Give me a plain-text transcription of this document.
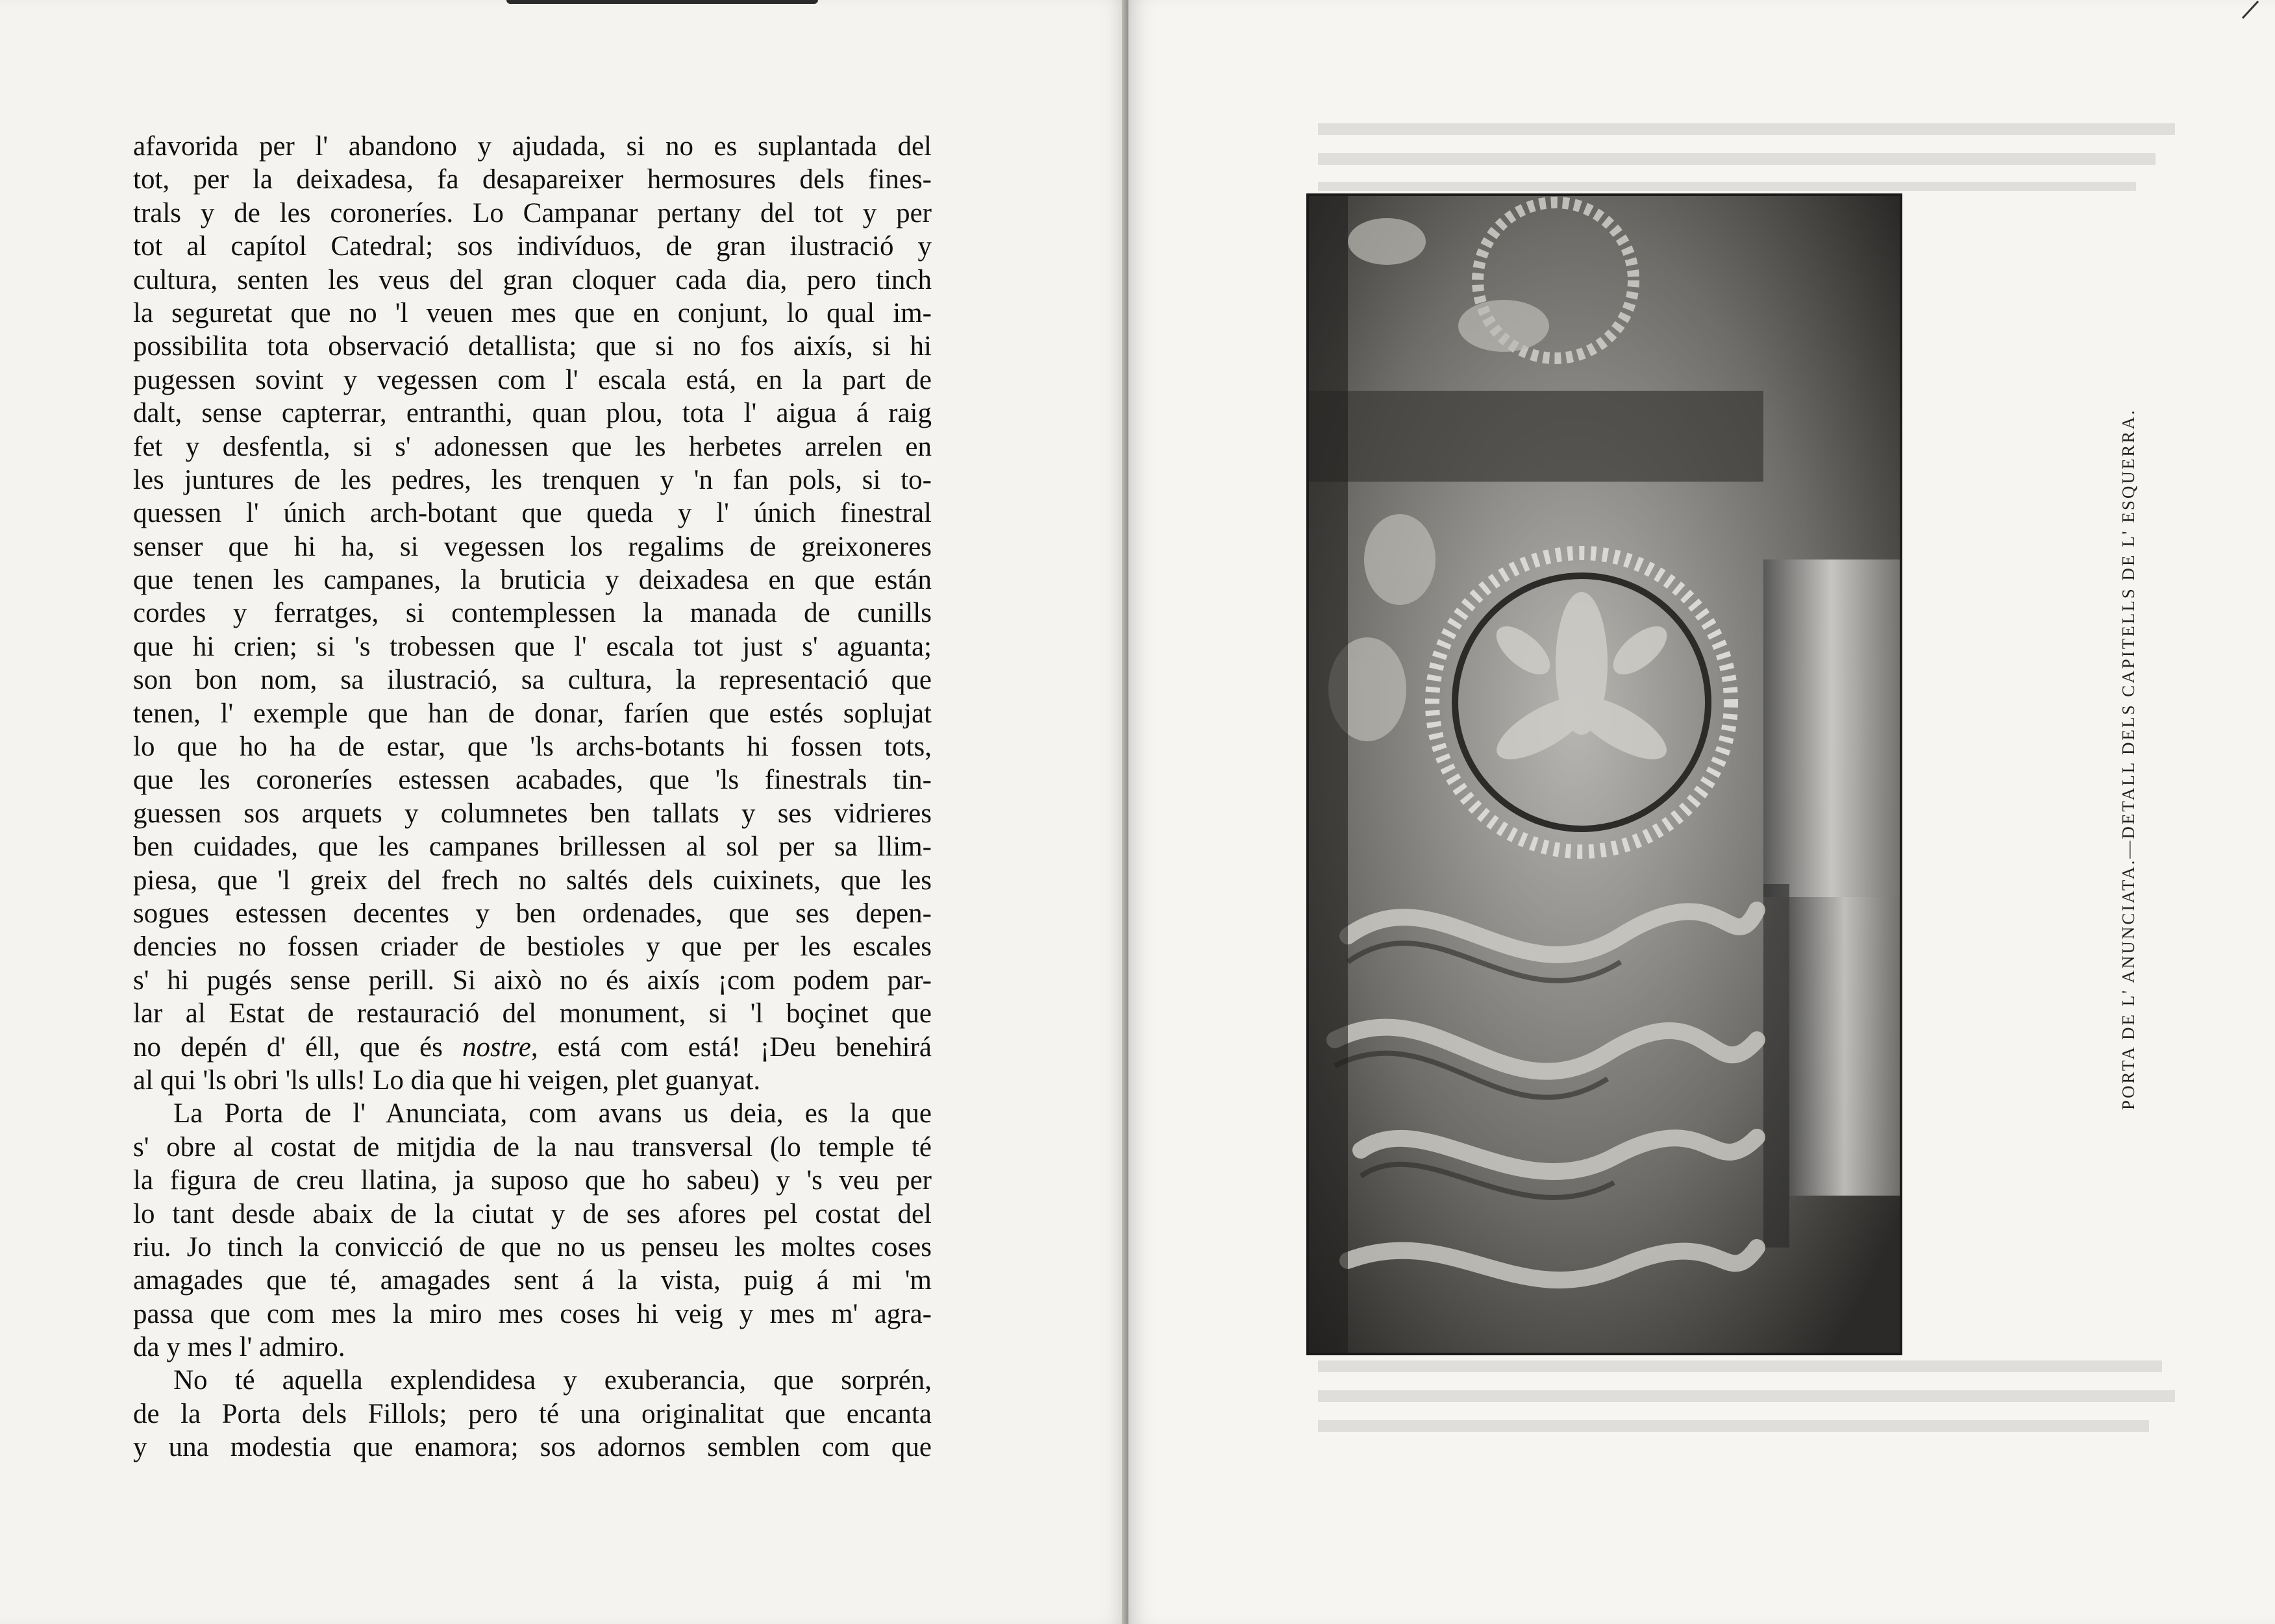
afavorida per l' abandono y ajudada, si no es suplantada del
tot, per la deixadesa, fa desapareixer hermosures dels fines-
trals y de les coroneríes. Lo Campanar pertany del tot y per
tot al capítol Catedral; sos indivíduos, de gran ilustració y
cultura, senten les veus del gran cloquer cada dia, pero tinch
la seguretat que no 'l veuen mes que en conjunt, lo qual im-
possibilita tota observació detallista; que si no fos aixís, si hi
pugessen sovint y vegessen com l' escala está, en la part de
dalt, sense capterrar, entranthi, quan plou, tota l' aigua á raig
fet y desfentla, si s' adonessen que les herbetes arrelen en
les juntures de les pedres, les trenquen y 'n fan pols, si to-
quessen l' únich arch-botant que queda y l' únich finestral
senser que hi ha, si vegessen los regalims de greixoneres
que tenen les campanes, la bruticia y deixadesa en que están
cordes y ferratges, si contemplessen la manada de cunills
que hi crien; si 's trobessen que l' escala tot just s' aguanta;
son bon nom, sa ilustració, sa cultura, la representació que
tenen, l' exemple que han de donar, faríen que estés soplujat
lo que ho ha de estar, que 'ls archs-botants hi fossen tots,
que les coroneríes estessen acabades, que 'ls finestrals tin-
guessen sos arquets y columnetes ben tallats y ses vidrieres
ben cuidades, que les campanes brillessen al sol per sa llim-
piesa, que 'l greix del frech no saltés dels cuixinets, que les
sogues estessen decentes y ben ordenades, que ses depen-
dencies no fossen criader de bestioles y que per les escales
s' hi pugés sense perill. Si això no és aixís ¡com podem par-
lar al Estat de restauració del monument, si 'l boçinet que
no depén d' éll, que és nostre, está com está! ¡Deu benehirá
al qui 'ls obri 'ls ulls! Lo dia que hi veigen, plet guanyat.
La Porta de l' Anunciata, com avans us deia, es la que
s' obre al costat de mitjdia de la nau transversal (lo temple té
la figura de creu llatina, ja suposo que ho sabeu) y 's veu per
lo tant desde abaix de la ciutat y de ses afores pel costat del
riu. Jo tinch la convicció de que no us penseu les moltes coses
amagades que té, amagades sent á la vista, puig á mi 'm
passa que com mes la miro mes coses hi veig y mes m' agra-
da y mes l' admiro.
No té aquella explendidesa y exuberancia, que sorprén,
de la Porta dels Fillols; pero té una originalitat que encanta
y una modestia que enamora; sos adornos semblen com que
PORTA DE L' ANUNCIATA.—DETALL DELS CAPITELLS DE L' ESQUERRA.
